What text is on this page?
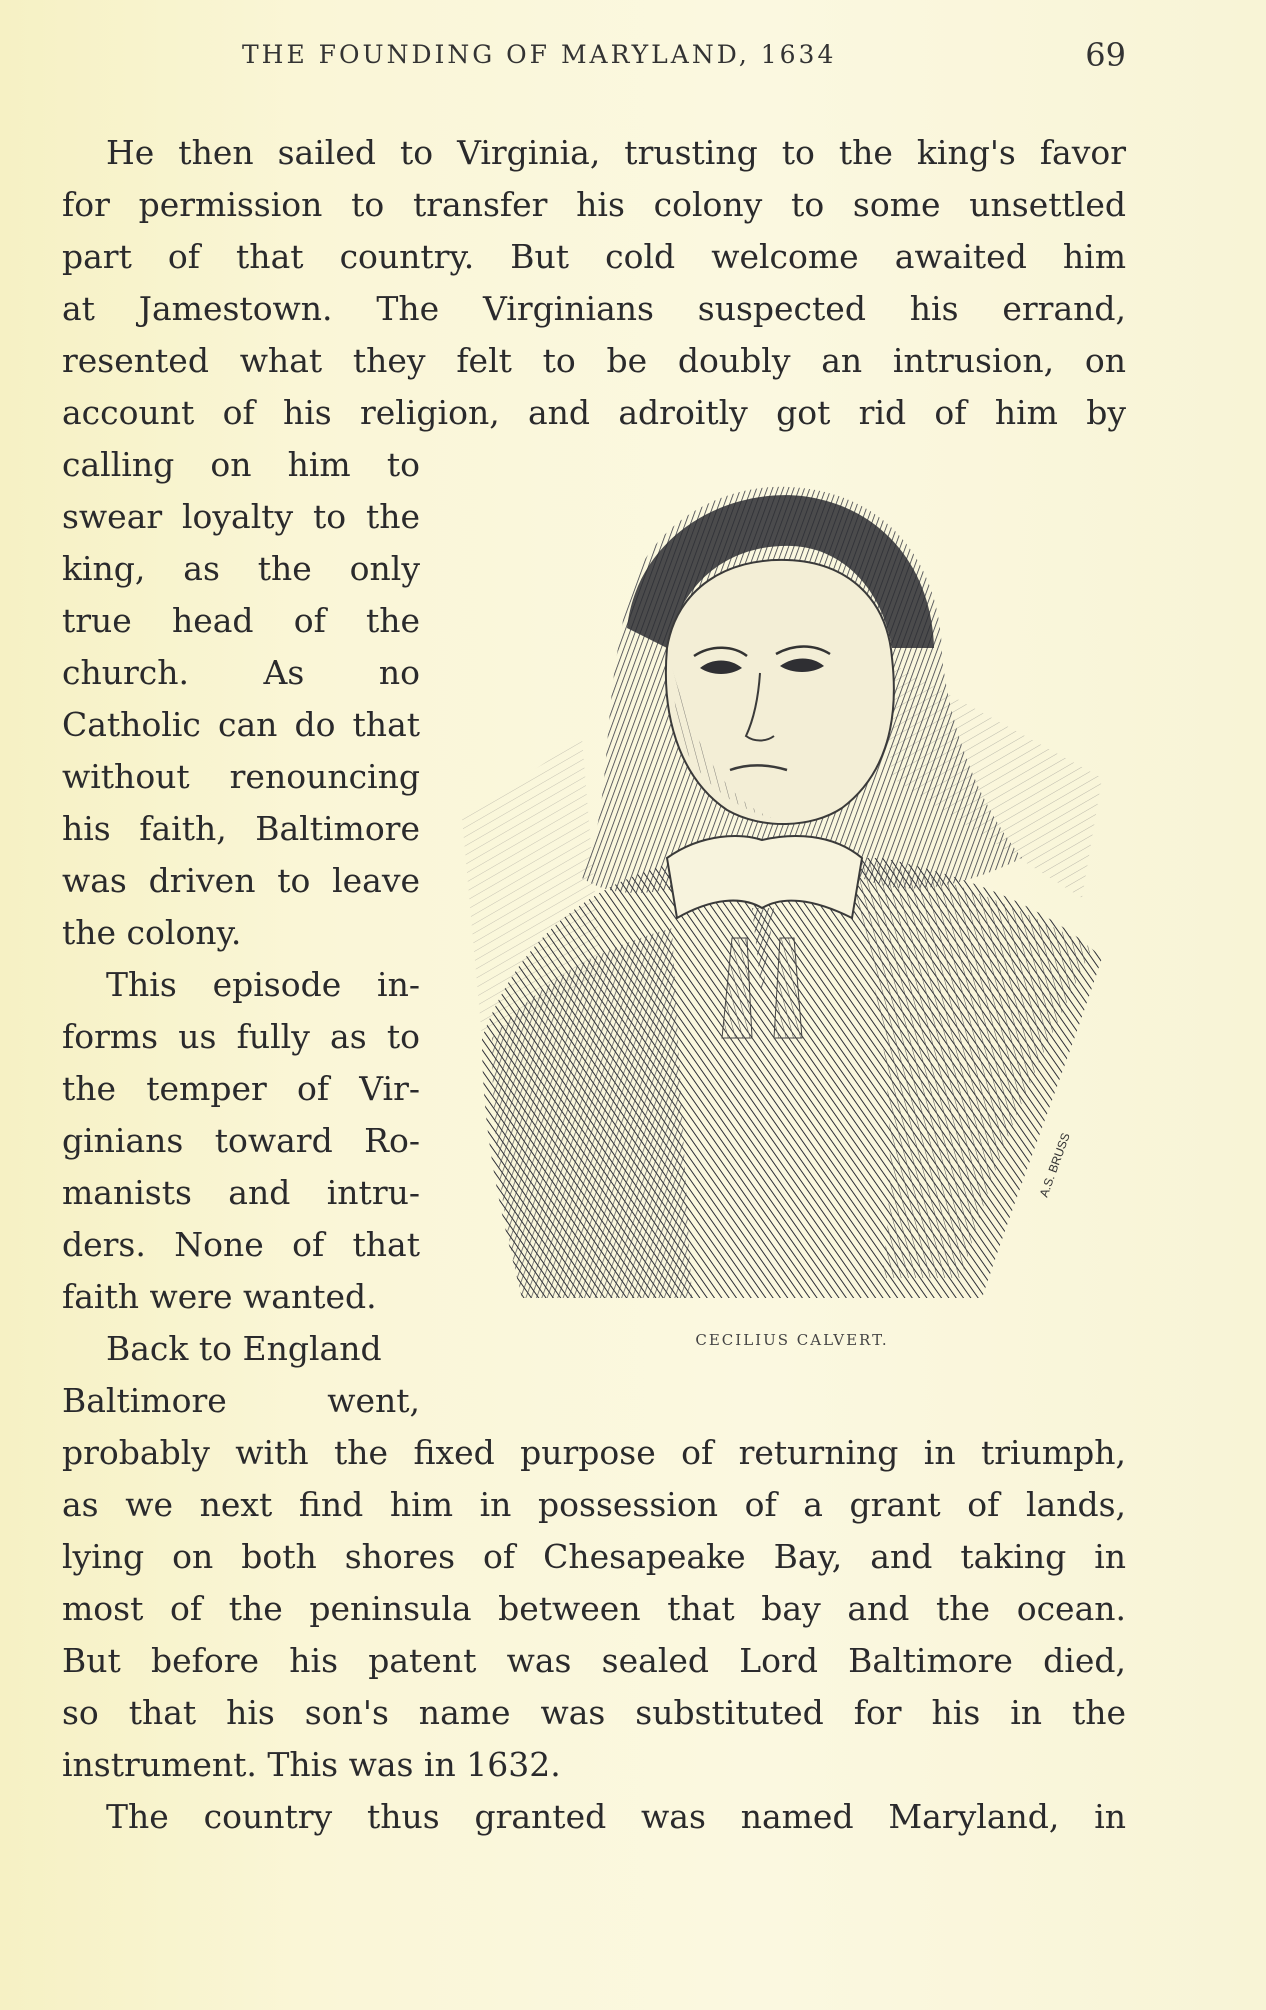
THE FOUNDING OF MARYLAND, 1634	69
He then sailed to Virginia, trusting to the king's favor
for permission to transfer his colony to some unsettled
part of that country. But cold welcome awaited him
at Jamestown. The Virginians suspected his errand,
resented what they felt to be doubly an intrusion, on
account of his religion, and adroitly got rid of him by
calling on him to
swear loyalty to the
king, as the only
true head of the
church. As no
Catholic can do that
without renouncing
his faith, Baltimore
was driven to leave
the colony.
This episode in-
forms us fully as to
the temper of Vir-
ginians toward Ro-
manists and intru-
ders. None of that
faith were wanted.
Back to England
Baltimore went,
probably with the fixed purpose of returning in triumph,
as we next find him in possession of a grant of lands,
lying on both shores of Chesapeake Bay, and taking in
most of the peninsula between that bay and the ocean.
But before his patent was sealed Lord Baltimore died,
so that his son's name was substituted for his in the
instrument. This was in 1632.
The country thus granted was named Maryland, in
A.S. BRUSS
CECILIUS CALVERT.
